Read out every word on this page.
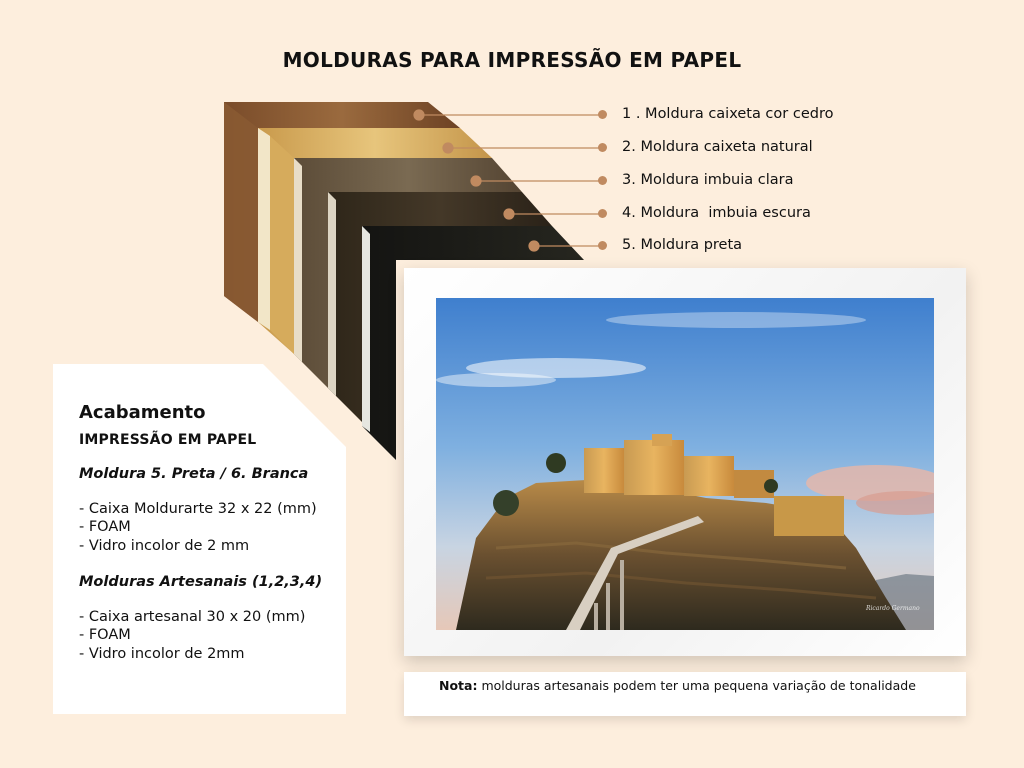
MOLDURAS PARA IMPRESSÃO EM PAPEL
1 . Moldura caixeta cor cedro
2. Moldura caixeta natural
3. Moldura imbuia clara
4. Moldura  imbuia escura
5. Moldura preta
Ricardo Germano
Acabamento
IMPRESSÃO EM PAPEL
Moldura 5. Preta / 6. Branca

- Caixa Moldurarte 32 x 22 (mm)

- FOAM

- Vidro incolor de 2 mm

Molduras Artesanais (1,2,3,4)

- Caixa artesanal 30 x 20 (mm)

- FOAM

- Vidro incolor de 2mm

Nota: molduras artesanais podem ter uma pequena variação de tonalidade
